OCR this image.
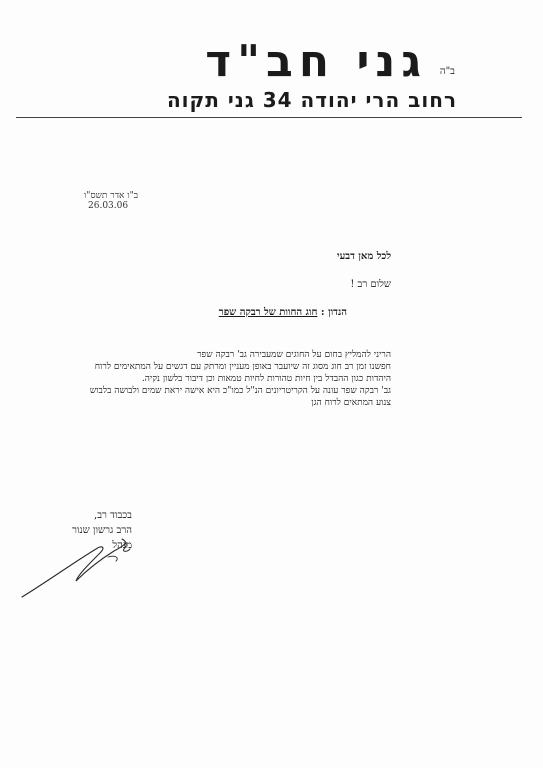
ב"ה
גני חב"ד
רחוב הרי יהודה 34 גני תקוה
ב"ו אדר תשס"ו
26.03.06
לכל מאן דבעי
שלום רב !
הנדון : חוג החוות של רבקה שפר

הריני להמליץ בחום על החוגים שמעבירה גב' רבקה שפר

חפשנו זמן רב חוג מסוג זה שיועבר באופן מעניין ומרתק עם דגשים על המתאימים לרוח

היהדות כגון ההבדל בין חיות טהורות לחיות טמאות וכן דיבור בלשון נקיה.

גב' רבקה שפר עונה על הקריטריונים הנ"ל כמו"כ היא אישה יראת שמים ולבושה בלבוש

צנוע המתאים לרוח הגן

בכבוד רב,
הרב גרשון שנור
מנהל
